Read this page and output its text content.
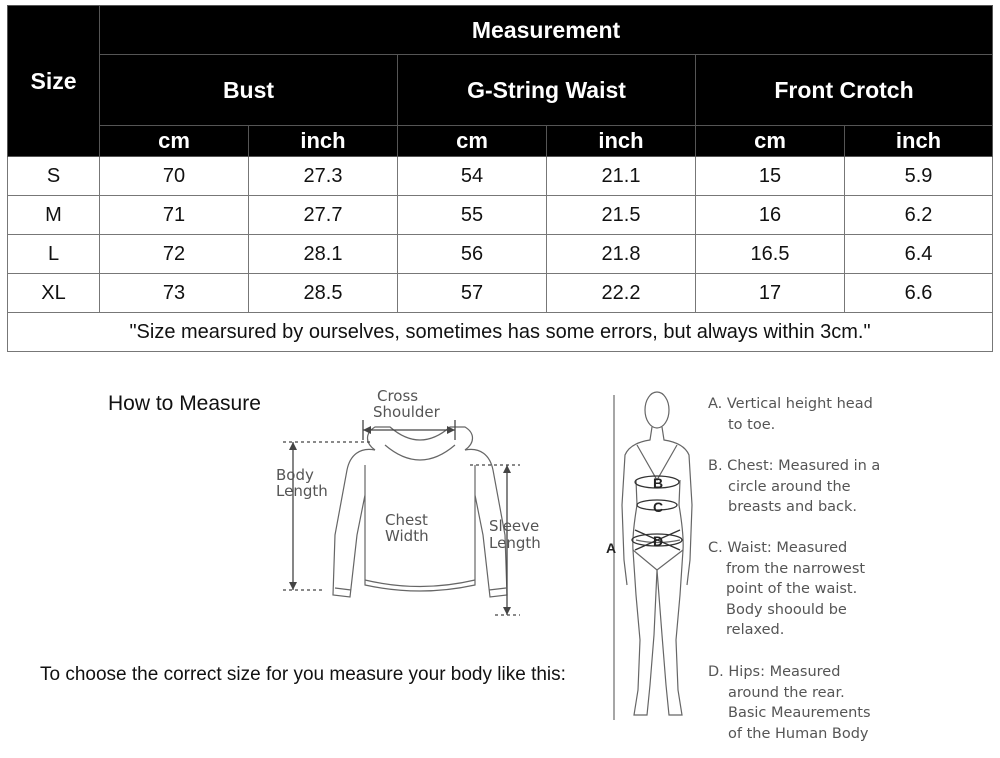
Size	Measurement					
	Bust		G-String Waist		Front Crotch	
	cm	inch	cm	inch	cm	inch
S	70	27.3	54	21.1	15	5.9
M	71	27.7	55	21.5	16	6.2
L	72	28.1	56	21.8	16.5	6.4
XL	73	28.5	57	22.2	17	6.6
"Size mearsured by ourselves, sometimes has some errors, but always within 3cm."						
How to Measure	Cross
Shoulder
Body
Length
Chest
Width
Sleeve
Length
To choose the correct size for you measure your body like this:
A
B
C
D
A. Vertical height head
to toe.
B. Chest: Measured in a
circle around the
breasts and back.
C. Waist: Measured
from the narrowest
point of the waist.
Body shoould be
relaxed.
D. Hips: Measured
around the rear.
Basic Meaurements
of the Human Body
